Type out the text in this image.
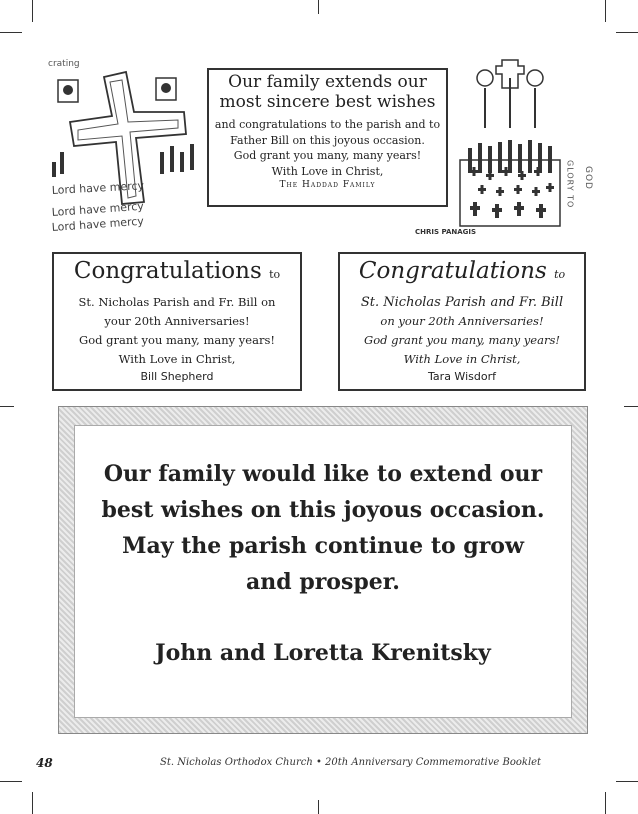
crating
Lord have mercy
Lord have mercy
Lord have mercy
Our family extends our
most sincere best wishes
and congratulations to the parish and to
Father Bill on this joyous occasion.
God grant you many, many years!
With Love in Christ,
The Haddad Family
CHRIS PANAGIS
GLORY TO GOD
Congratulations to
St. Nicholas Parish and Fr. Bill on
your 20th Anniversaries!
God grant you many, many years!
With Love in Christ,
Bill Shepherd
Congratulations to
St. Nicholas Parish and Fr. Bill
on your 20th Anniversaries!
God grant you many, many years!
With Love in Christ,
Tara Wisdorf
Our family would like to extend our
best wishes on this joyous occasion.
May the parish continue to grow
and prosper.
John and Loretta Krenitsky
48	St. Nicholas Orthodox Church • 20th Anniversary Commemorative Booklet
